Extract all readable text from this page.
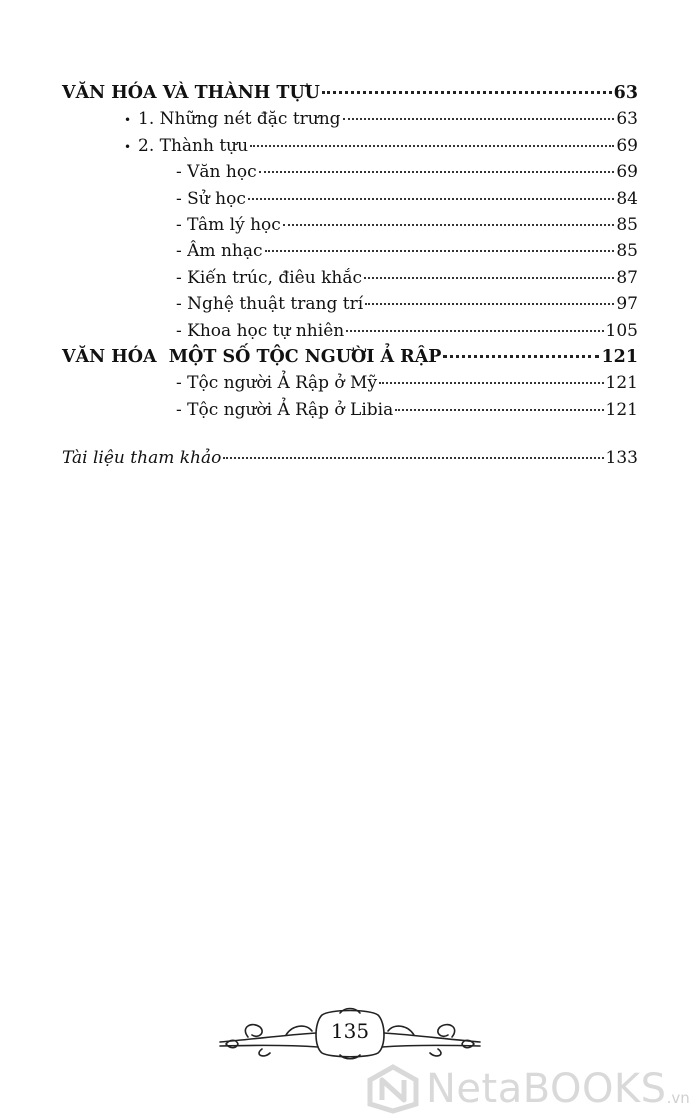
VĂN HÓA VÀ THÀNH TỰU	63
• 1. Những nét đặc trưng	63
• 2. Thành tựu	69
- Văn học	69
- Sử học	84
- Tâm lý học	85
- Âm nhạc	85
- Kiến trúc, điêu khắc	87
- Nghệ thuật trang trí	97
- Khoa học tự nhiên	105
VĂN HÓA  MỘT SỐ TỘC NGƯỜI Ả RẬP	121
- Tộc người Ả Rập ở Mỹ	121
- Tộc người Ả Rập ở Libia	121
Tài liệu tham khảo	133
135
NetaBOOKS .vn
